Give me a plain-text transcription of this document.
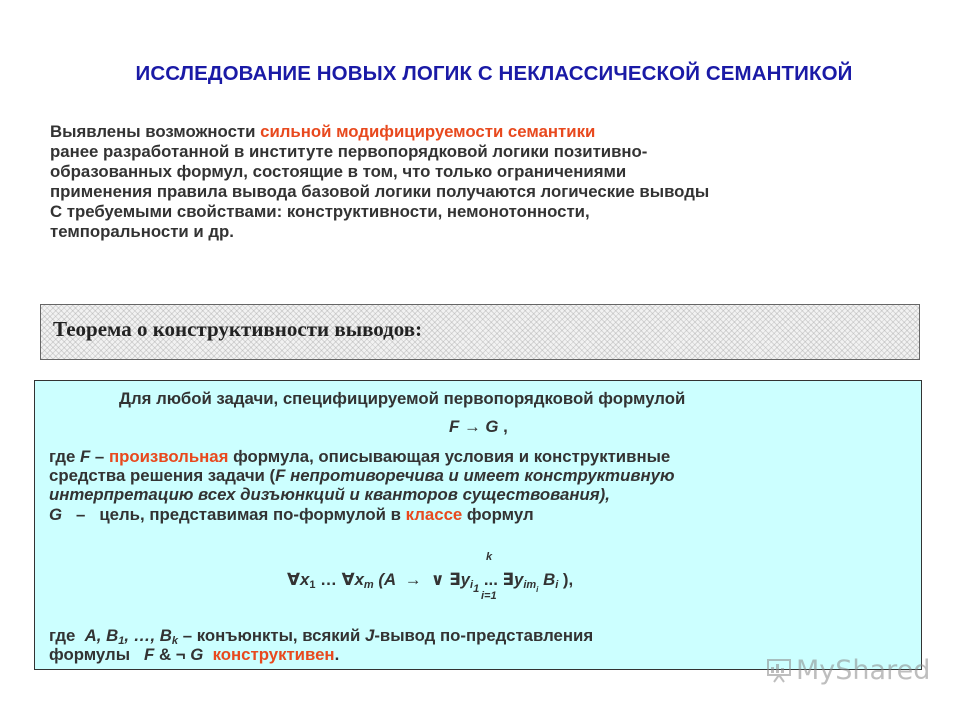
ИССЛЕДОВАНИЕ НОВЫХ ЛОГИК С НЕКЛАССИЧЕСКОЙ СЕМАНТИКОЙ
Выявлены возможности сильной модифицируемости семантики
ранее разработанной в институте первопорядковой логики позитивно-
образованных формул, состоящие в том, что только ограничениями
применения правила вывода базовой логики получаются логические выводы
С требуемыми свойствами: конструктивности, немонотонности,
темпоральности и др.
Теорема о конструктивности выводов:
Для любой задачи, специфицируемой первопорядковой формулой
F → G ,
где F – произвольная формула, описывающая условия и конструктивные
средства решения задачи (F непротиворечива и имеет конструктивную
интерпретацию всех дизъюнкций и кванторов существования),
G   –   цель, представимая по-формулой в классе формул
k
i=1
$\forall x_1$ … $\forall x_m$ (A  →  ∨ $\exists y_{i1}$ ... $\exists y_{imi}$ $B_i$ ),
где  A, $B_1$, …, $B_k$ – конъюнкты, всякий J-вывод по-представления
формулы   F & ¬ G  конструктивен.
MyShared
